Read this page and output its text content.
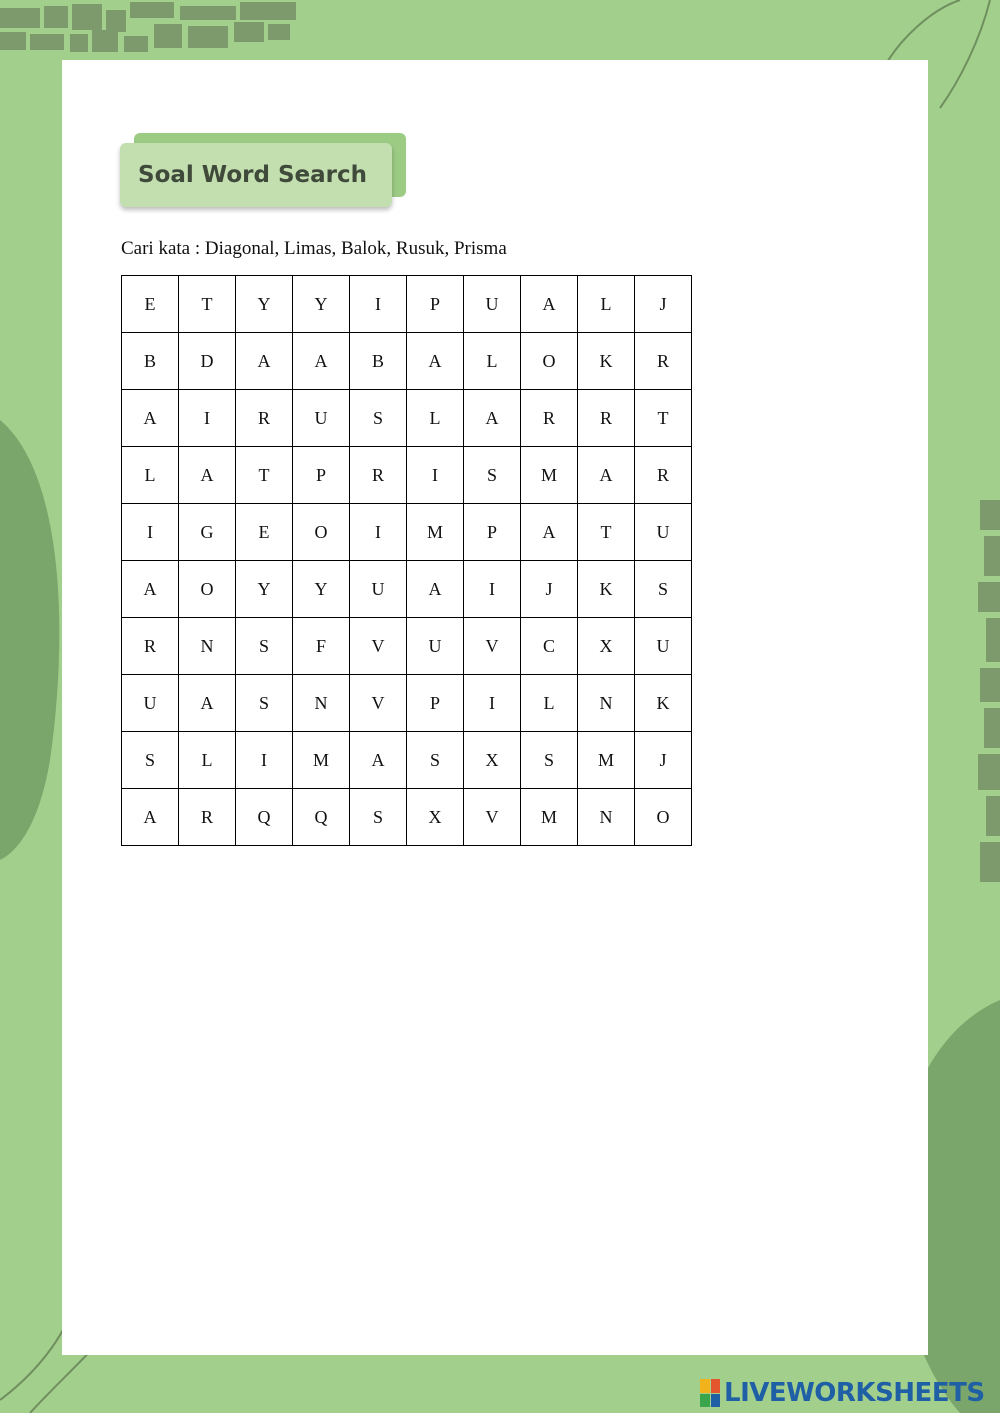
Soal Word Search
Cari kata : Diagonal, Limas, Balok, Rusuk, Prisma
E	T	Y	Y	I	P	U	A	L	J
B	D	A	A	B	A	L	O	K	R
A	I	R	U	S	L	A	R	R	T
L	A	T	P	R	I	S	M	A	R
I	G	E	O	I	M	P	A	T	U
A	O	Y	Y	U	A	I	J	K	S
R	N	S	F	V	U	V	C	X	U
U	A	S	N	V	P	I	L	N	K
S	L	I	M	A	S	X	S	M	J
A	R	Q	Q	S	X	V	M	N	O
LIVEWORKSHEETS
